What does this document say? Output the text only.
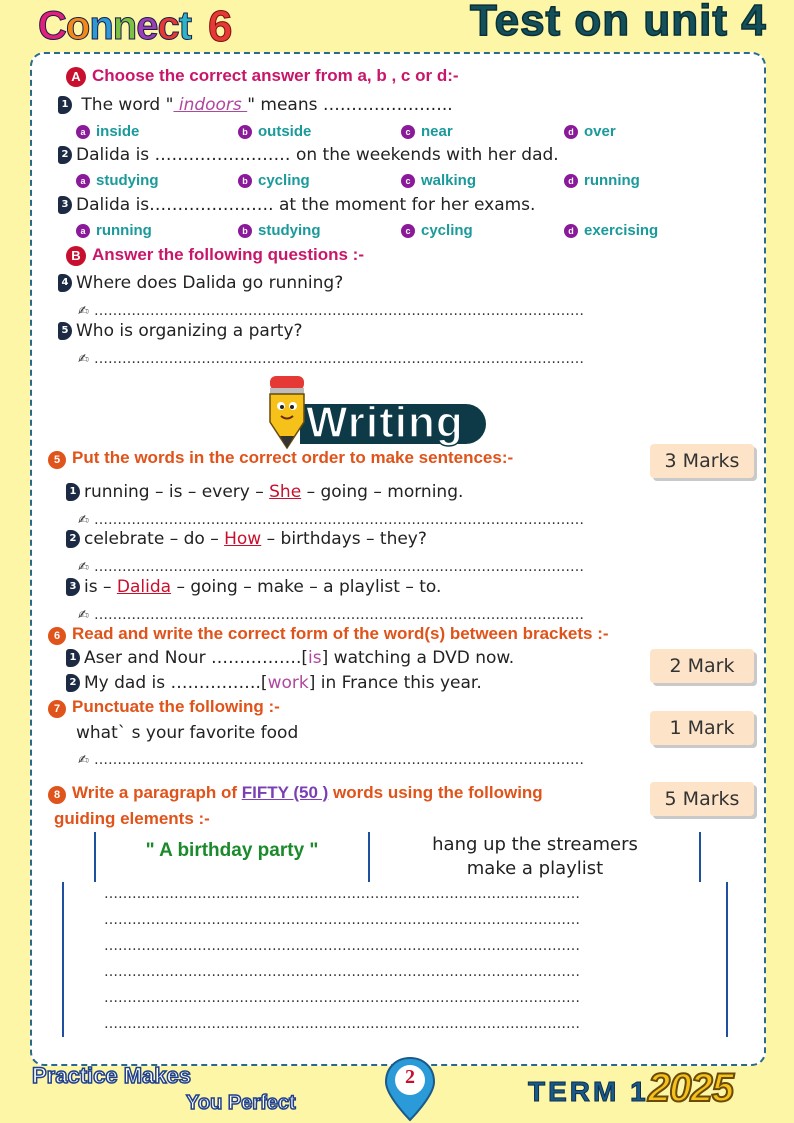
Connect 6	Test on unit 4
A Choose the correct answer from a, b , c or d:-
1 The word " indoors " means …………………..
a inside	b outside	c near	d over
2 Dalida is …………………… on the weekends with her dad.
a studying	b cycling	c walking	d running
3 Dalida is…………………. at the moment for her exams.
a running	b studying	c cycling	d exercising
B Answer the following questions :-
4 Where does Dalida go running?
✍ ……………………………………………………………………………………………
5 Who is organizing a party?
✍ ……………………………………………………………………………………………
Writing
5 Put the words in the correct order to make sentences:-	3 Marks
1 running – is – every – She – going – morning.
✍ ……………………………………………………………………………………………
2 celebrate – do – How – birthdays – they?
✍ ……………………………………………………………………………………………
3 is – Dalida – going – make – a playlist – to.
✍ ……………………………………………………………………………………………
6 Read and write the correct form of the word(s) between brackets :-
1 Aser and Nour …………….[is] watching a DVD now.	2 Mark
2 My dad is …………….[work] in France this year.
7 Punctuate the following :-
1 Mark
what` s your favorite food
✍ ……………………………………………………………………………………………
8 Write a paragraph of FIFTY (50 ) words using the following
guiding elements :-
5 Marks
" A birthday party "	hang up the streamers
make a playlist
…………………………………………………………………………………………
…………………………………………………………………………………………
…………………………………………………………………………………………
…………………………………………………………………………………………
…………………………………………………………………………………………
…………………………………………………………………………………………
Practice Makes
You Perfect
2	TERM 1 2025
